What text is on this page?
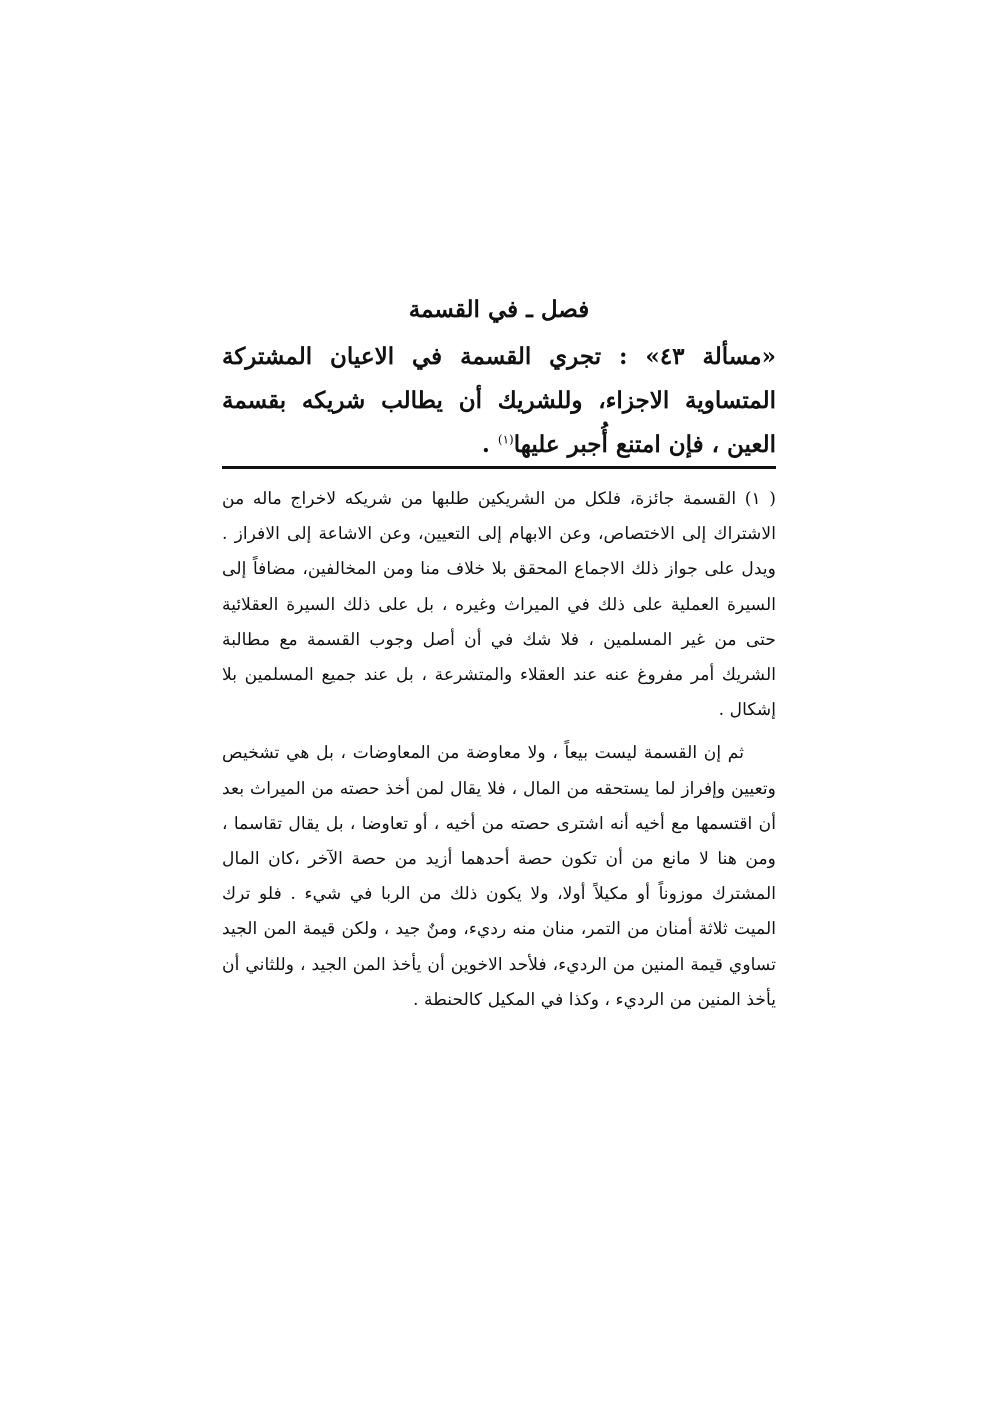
فصل ـ في القسمة
«مسألة ٤٣» : تجري القسمة في الاعيان المشتركة المتساوية الاجزاء، وللشريك أن يطالب شريكه بقسمة العين ، فإن امتنع أُجبر عليها$^{(١)}$ .

( ١) القسمة جائزة، فلكل من الشريكين طلبها من شريكه لاخراج ماله من الاشتراك إلى الاختصاص، وعن الابهام إلى التعيين، وعن الاشاعة إلى الافراز . ويدل على جواز ذلك الاجماع المحقق بلا خلاف منا ومن المخالفين، مضافاً إلى السيرة العملية على ذلك في الميراث وغيره ، بل على ذلك السيرة العقلائية حتى من غير المسلمين ، فلا شك في أن أصل وجوب القسمة مع مطالبة الشريك أمر مفروغ عنه عند العقلاء والمتشرعة ، بل عند جميع المسلمين بلا إشكال .

ثم إن القسمة ليست بيعاً ، ولا معاوضة من المعاوضات ، بل هي تشخيص وتعيين وإفراز لما يستحقه من المال ، فلا يقال لمن أخذ حصته من الميراث بعد أن اقتسمها مع أخيه أنه اشترى حصته من أخيه ، أو تعاوضا ، بل يقال تقاسما ، ومن هنا لا مانع من أن تكون حصة أحدهما أزيد من حصة الآخر ،كان المال المشترك موزوناً أو مكيلاً أولا، ولا يكون ذلك من الربا في شيء . فلو ترك الميت ثلاثة أمنان من التمر، منان منه رديء، ومنٌ جيد ، ولكن قيمة المن الجيد تساوي قيمة المنين من الرديء، فلأحد الاخوين أن يأخذ المن الجيد ، وللثاني أن يأخذ المنين من الرديء ، وكذا في المكيل كالحنطة .
